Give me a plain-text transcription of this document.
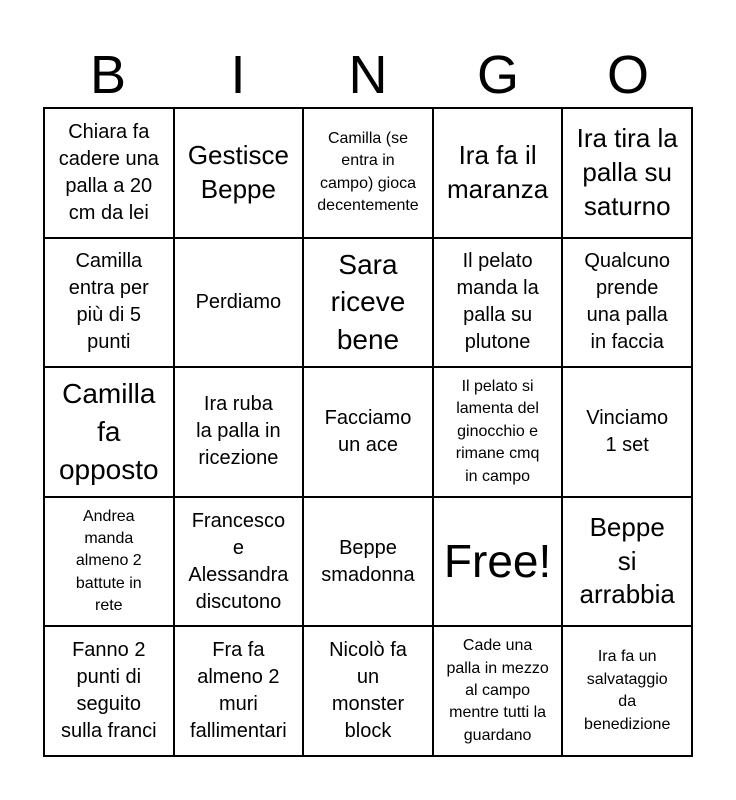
B	I	N	G	O
Chiara fa
cadere una
palla a 20
cm da lei
Gestisce
Beppe
Camilla (se
entra in
campo) gioca
decentemente
Ira fa il
maranza
Ira tira la
palla su
saturno
Camilla
entra per
più di 5
punti
Perdiamo
Sara
riceve
bene
Il pelato
manda la
palla su
plutone
Qualcuno
prende
una palla
in faccia
Camilla
fa
opposto
Ira ruba
la palla in
ricezione
Facciamo
un ace
Il pelato si
lamenta del
ginocchio e
rimane cmq
in campo
Vinciamo
1 set
Andrea
manda
almeno 2
battute in
rete
Francesco
e
Alessandra
discutono
Beppe
smadonna Free!
Beppe
si
arrabbia
Fanno 2
punti di
seguito
sulla franci
Fra fa
almeno 2
muri
fallimentari
Nicolò fa
un
monster
block
Cade una
palla in mezzo
al campo
mentre tutti la
guardano
Ira fa un
salvataggio
da
benedizione
